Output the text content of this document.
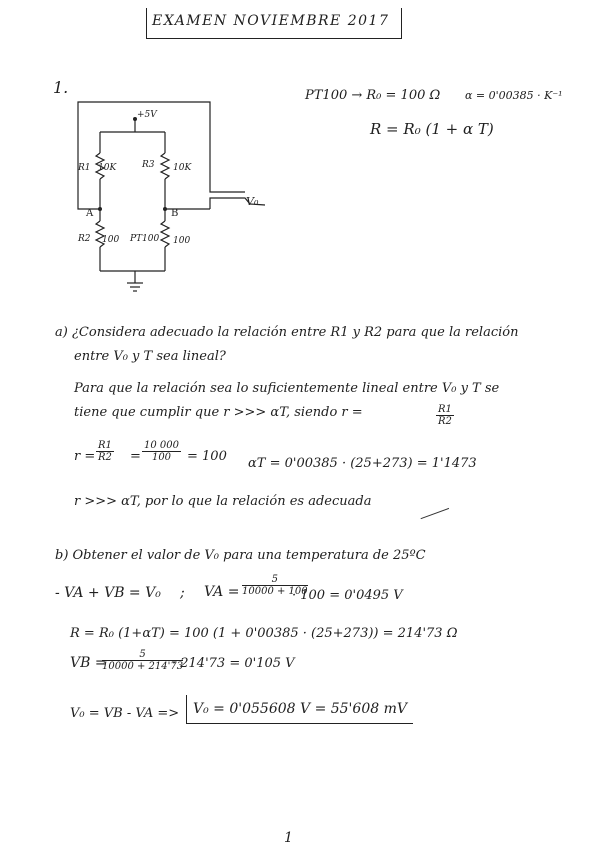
EXAMEN NOVIEMBRE 2017
1.	PT100 → R₀ = 100 Ω α = 0'00385 · K⁻¹
R = R₀ (1 + α T)
+5V
R1 10K	R3 10K
R2 100 PT100 100
A	B
V₀
a) ¿Considera adecuado la relación entre R1 y R2 para que la relación
entre V₀ y T sea lineal?
Para que la relación sea lo suficientemente lineal entre V₀ y T se
tiene que cumplir que r >>> αT, siendo r =	$\frac{R1}{R2}$
$r = \frac{R1}{R2} = \frac{10 000}{100} = 100$ αT = 0'00385 · (25+273) = 1'1473
r >>> αT, por lo que la relación es adecuada
b) Obtener el valor de V₀ para una temperatura de 25ºC
- VA + VB = V₀ ; VA = $\frac{5}{10000 + 100}$
· 100 = 0'0495 V
R = R₀ (1+αT) = 100 (1 + 0'00385 · (25+273)) = 214'73 Ω
VB =
$\frac{5}{10000 + 214'73}$
· 214'73 = 0'105 V
V₀ = VB - VA => V₀ = 0'055608 V = 55'608 mV
1
